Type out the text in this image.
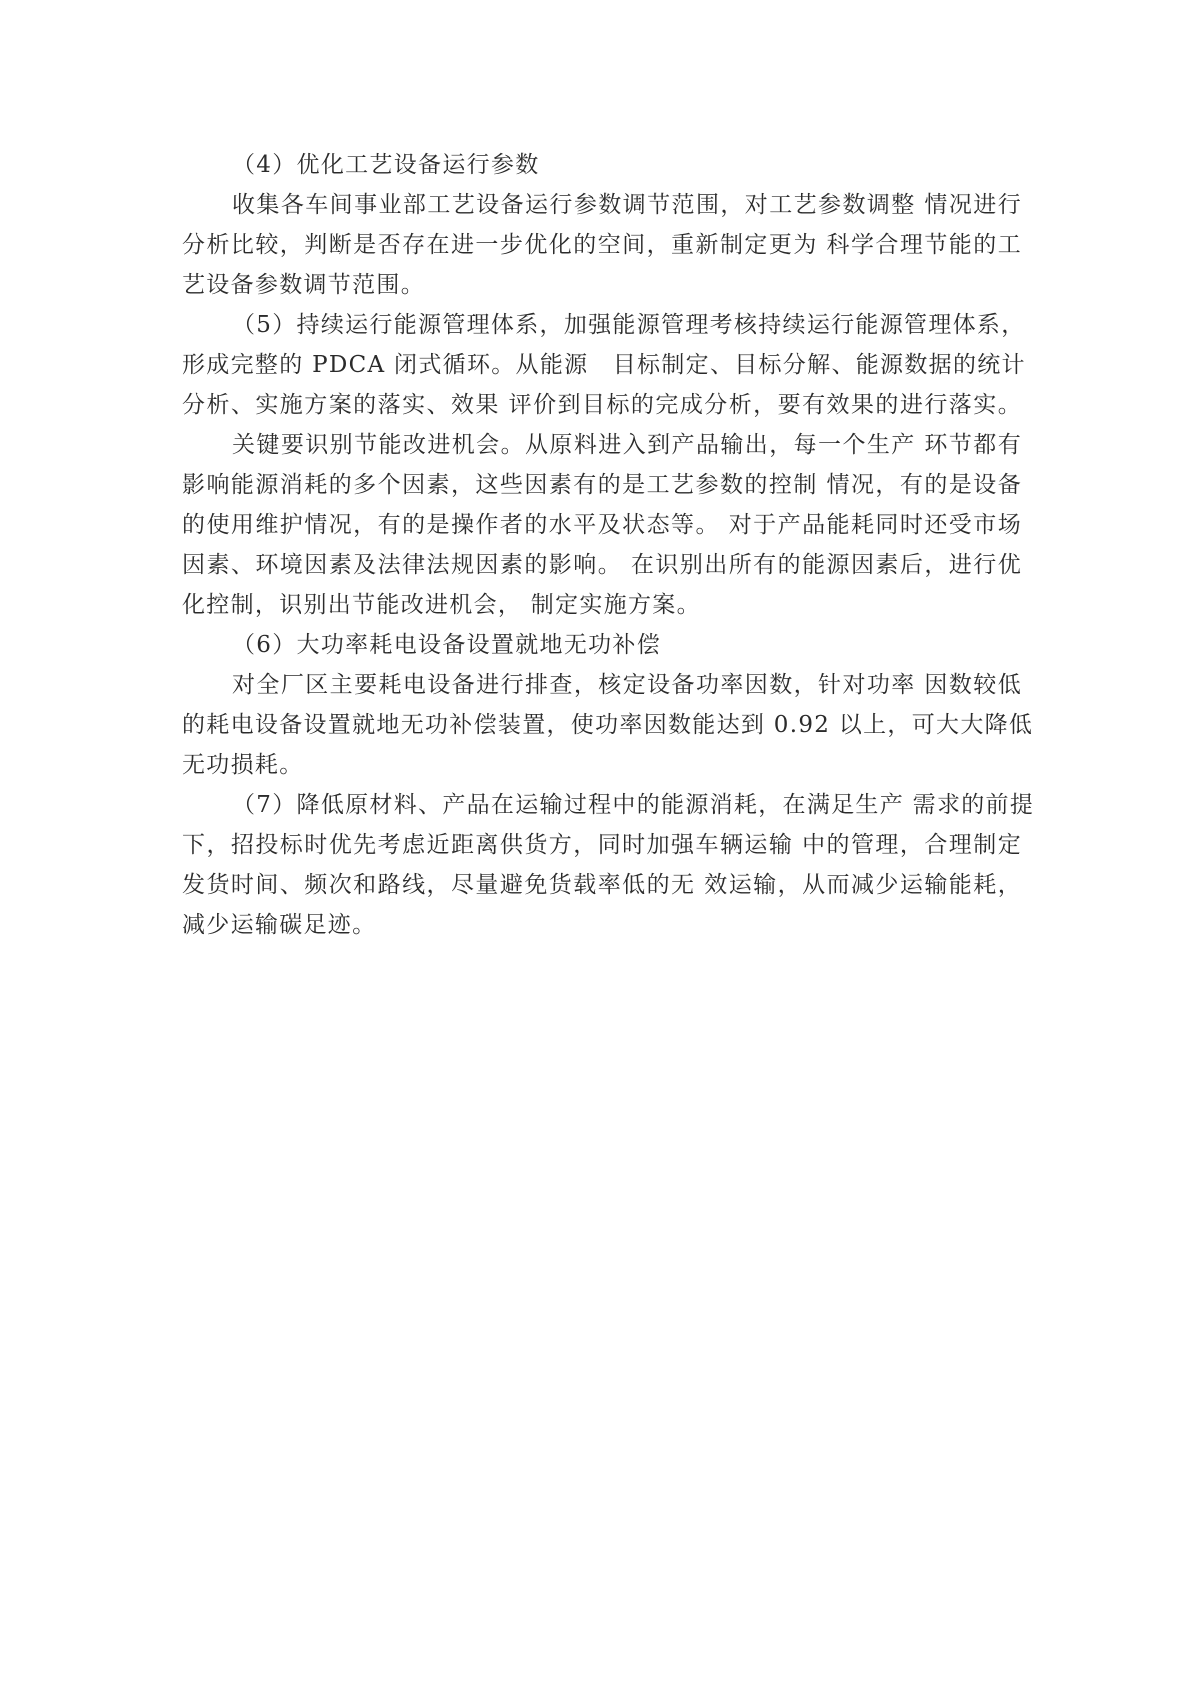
（4）优化工艺设备运行参数
收集各车间事业部工艺设备运行参数调节范围，对工艺参数调整 情况进行
分析比较，判断是否存在进一步优化的空间，重新制定更为 科学合理节能的工
艺设备参数调节范围。
（5）持续运行能源管理体系，加强能源管理考核持续运行能源管理体系，
形成完整的 PDCA 闭式循环。从能源　目标制定、目标分解、能源数据的统计
分析、实施方案的落实、效果 评价到目标的完成分析，要有效果的进行落实。
关键要识别节能改进机会。从原料进入到产品输出，每一个生产 环节都有
影响能源消耗的多个因素，这些因素有的是工艺参数的控制 情况，有的是设备
的使用维护情况，有的是操作者的水平及状态等。 对于产品能耗同时还受市场
因素、环境因素及法律法规因素的影响。 在识别出所有的能源因素后，进行优
化控制，识别出节能改进机会， 制定实施方案。
（6）大功率耗电设备设置就地无功补偿
对全厂区主要耗电设备进行排查，核定设备功率因数，针对功率 因数较低
的耗电设备设置就地无功补偿装置，使功率因数能达到 0.92 以上，可大大降低
无功损耗。
（7）降低原材料、产品在运输过程中的能源消耗，在满足生产 需求的前提
下，招投标时优先考虑近距离供货方，同时加强车辆运输 中的管理，合理制定
发货时间、频次和路线，尽量避免货载率低的无 效运输，从而减少运输能耗，
减少运输碳足迹。
